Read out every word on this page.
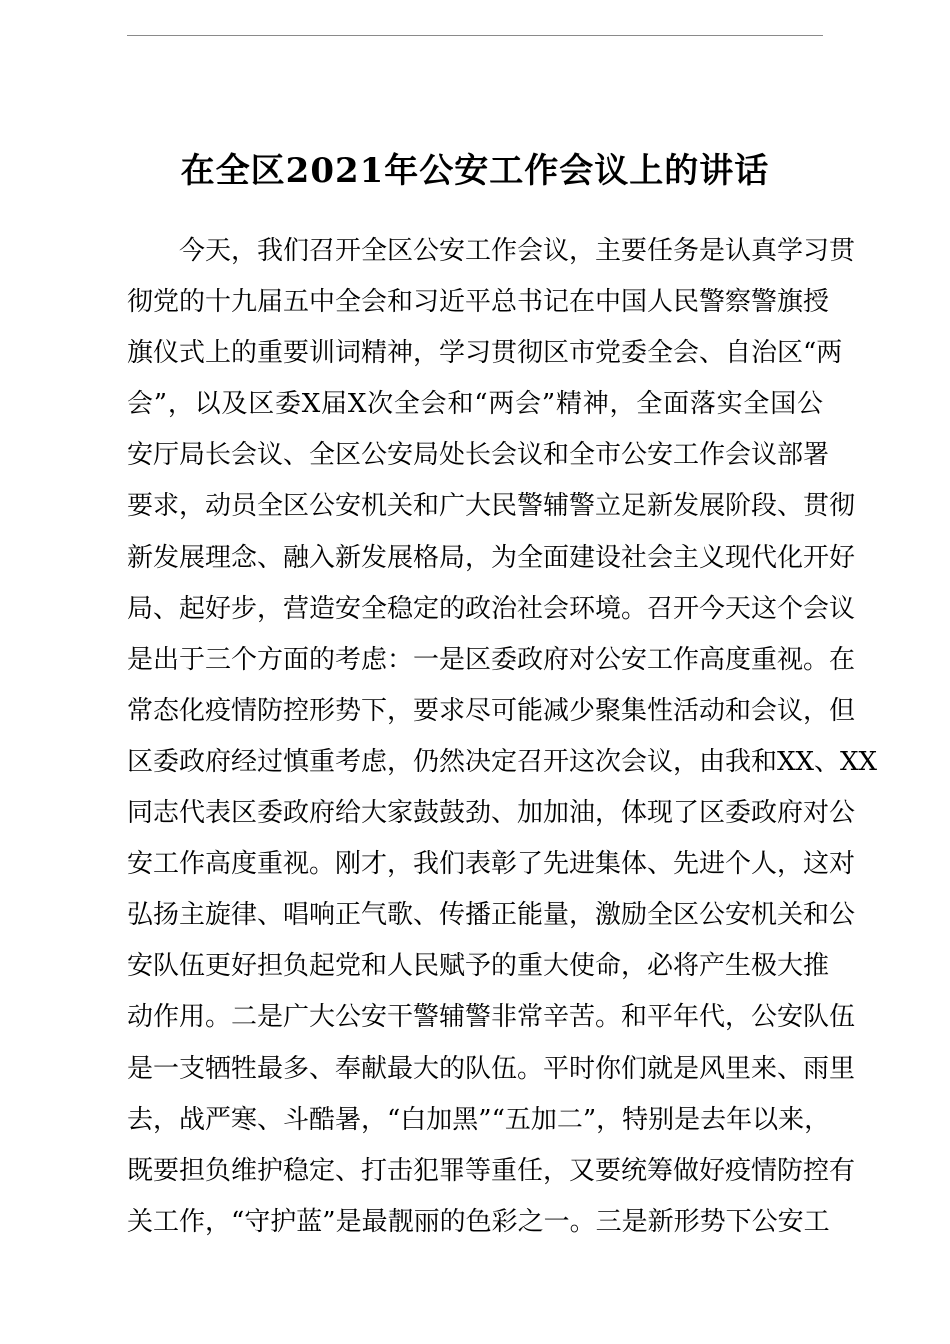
在全区2021年公安工作会议上的讲话
今天，我们召开全区公安工作会议，主要任务是认真学习贯
彻党的十九届五中全会和习近平总书记在中国人民警察警旗授
旗仪式上的重要训词精神，学习贯彻区市党委全会、自治区“两
会”，以及区委X届X次全会和“两会”精神，全面落实全国公
安厅局长会议、全区公安局处长会议和全市公安工作会议部署
要求，动员全区公安机关和广大民警辅警立足新发展阶段、贯彻
新发展理念、融入新发展格局，为全面建设社会主义现代化开好
局、起好步，营造安全稳定的政治社会环境。召开今天这个会议
是出于三个方面的考虑：一是区委政府对公安工作高度重视。在
常态化疫情防控形势下，要求尽可能减少聚集性活动和会议，但
区委政府经过慎重考虑，仍然决定召开这次会议，由我和XX、XX
同志代表区委政府给大家鼓鼓劲、加加油，体现了区委政府对公
安工作高度重视。刚才，我们表彰了先进集体、先进个人，这对
弘扬主旋律、唱响正气歌、传播正能量，激励全区公安机关和公
安队伍更好担负起党和人民赋予的重大使命，必将产生极大推
动作用。二是广大公安干警辅警非常辛苦。和平年代，公安队伍
是一支牺牲最多、奉献最大的队伍。平时你们就是风里来、雨里
去，战严寒、斗酷暑，“白加黑”“五加二”，特别是去年以来，
既要担负维护稳定、打击犯罪等重任，又要统筹做好疫情防控有
关工作，“守护蓝”是最靓丽的色彩之一。三是新形势下公安工
